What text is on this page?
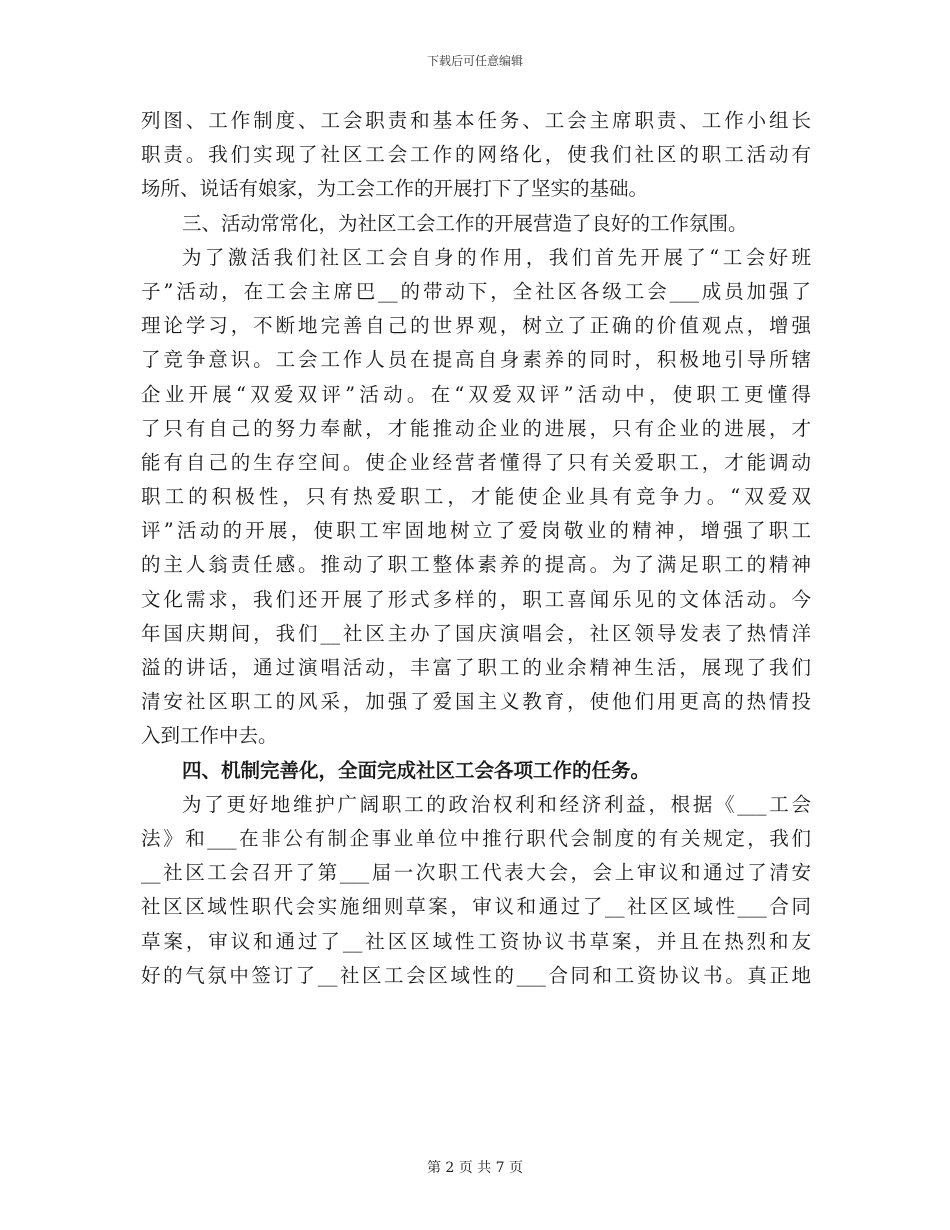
下载后可任意编辑
列图、工作制度、工会职责和基本任务、工会主席职责、工作小组长
职责。我们实现了社区工会工作的网络化，使我们社区的职工活动有
场所、说话有娘家，为工会工作的开展打下了坚实的基础。
三、活动常常化，为社区工会工作的开展营造了良好的工作氛围。
为了激活我们社区工会自身的作用，我们首先开展了“工会好班
子”活动，在工会主席巴__的带动下，全社区各级工会___成员加强了
理论学习，不断地完善自己的世界观，树立了正确的价值观点，增强
了竞争意识。工会工作人员在提高自身素养的同时，积极地引导所辖
企业开展“双爱双评”活动。在“双爱双评”活动中，使职工更懂得
了只有自己的努力奉献，才能推动企业的进展，只有企业的进展，才
能有自己的生存空间。使企业经营者懂得了只有关爱职工，才能调动
职工的积极性，只有热爱职工，才能使企业具有竞争力。“双爱双
评”活动的开展，使职工牢固地树立了爱岗敬业的精神，增强了职工
的主人翁责任感。推动了职工整体素养的提高。为了满足职工的精神
文化需求，我们还开展了形式多样的，职工喜闻乐见的文体活动。今
年国庆期间，我们__社区主办了国庆演唱会，社区领导发表了热情洋
溢的讲话，通过演唱活动，丰富了职工的业余精神生活，展现了我们
清安社区职工的风采，加强了爱国主义教育，使他们用更高的热情投
入到工作中去。
四、机制完善化，全面完成社区工会各项工作的任务。
为了更好地维护广阔职工的政治权利和经济利益，根据《___工会
法》和___在非公有制企事业单位中推行职代会制度的有关规定，我们
__社区工会召开了第___届一次职工代表大会，会上审议和通过了清安
社区区域性职代会实施细则草案，审议和通过了__社区区域性___合同
草案，审议和通过了__社区区域性工资协议书草案，并且在热烈和友
好的气氛中签订了__社区工会区域性的___合同和工资协议书。真正地
第 2 页 共 7 页
